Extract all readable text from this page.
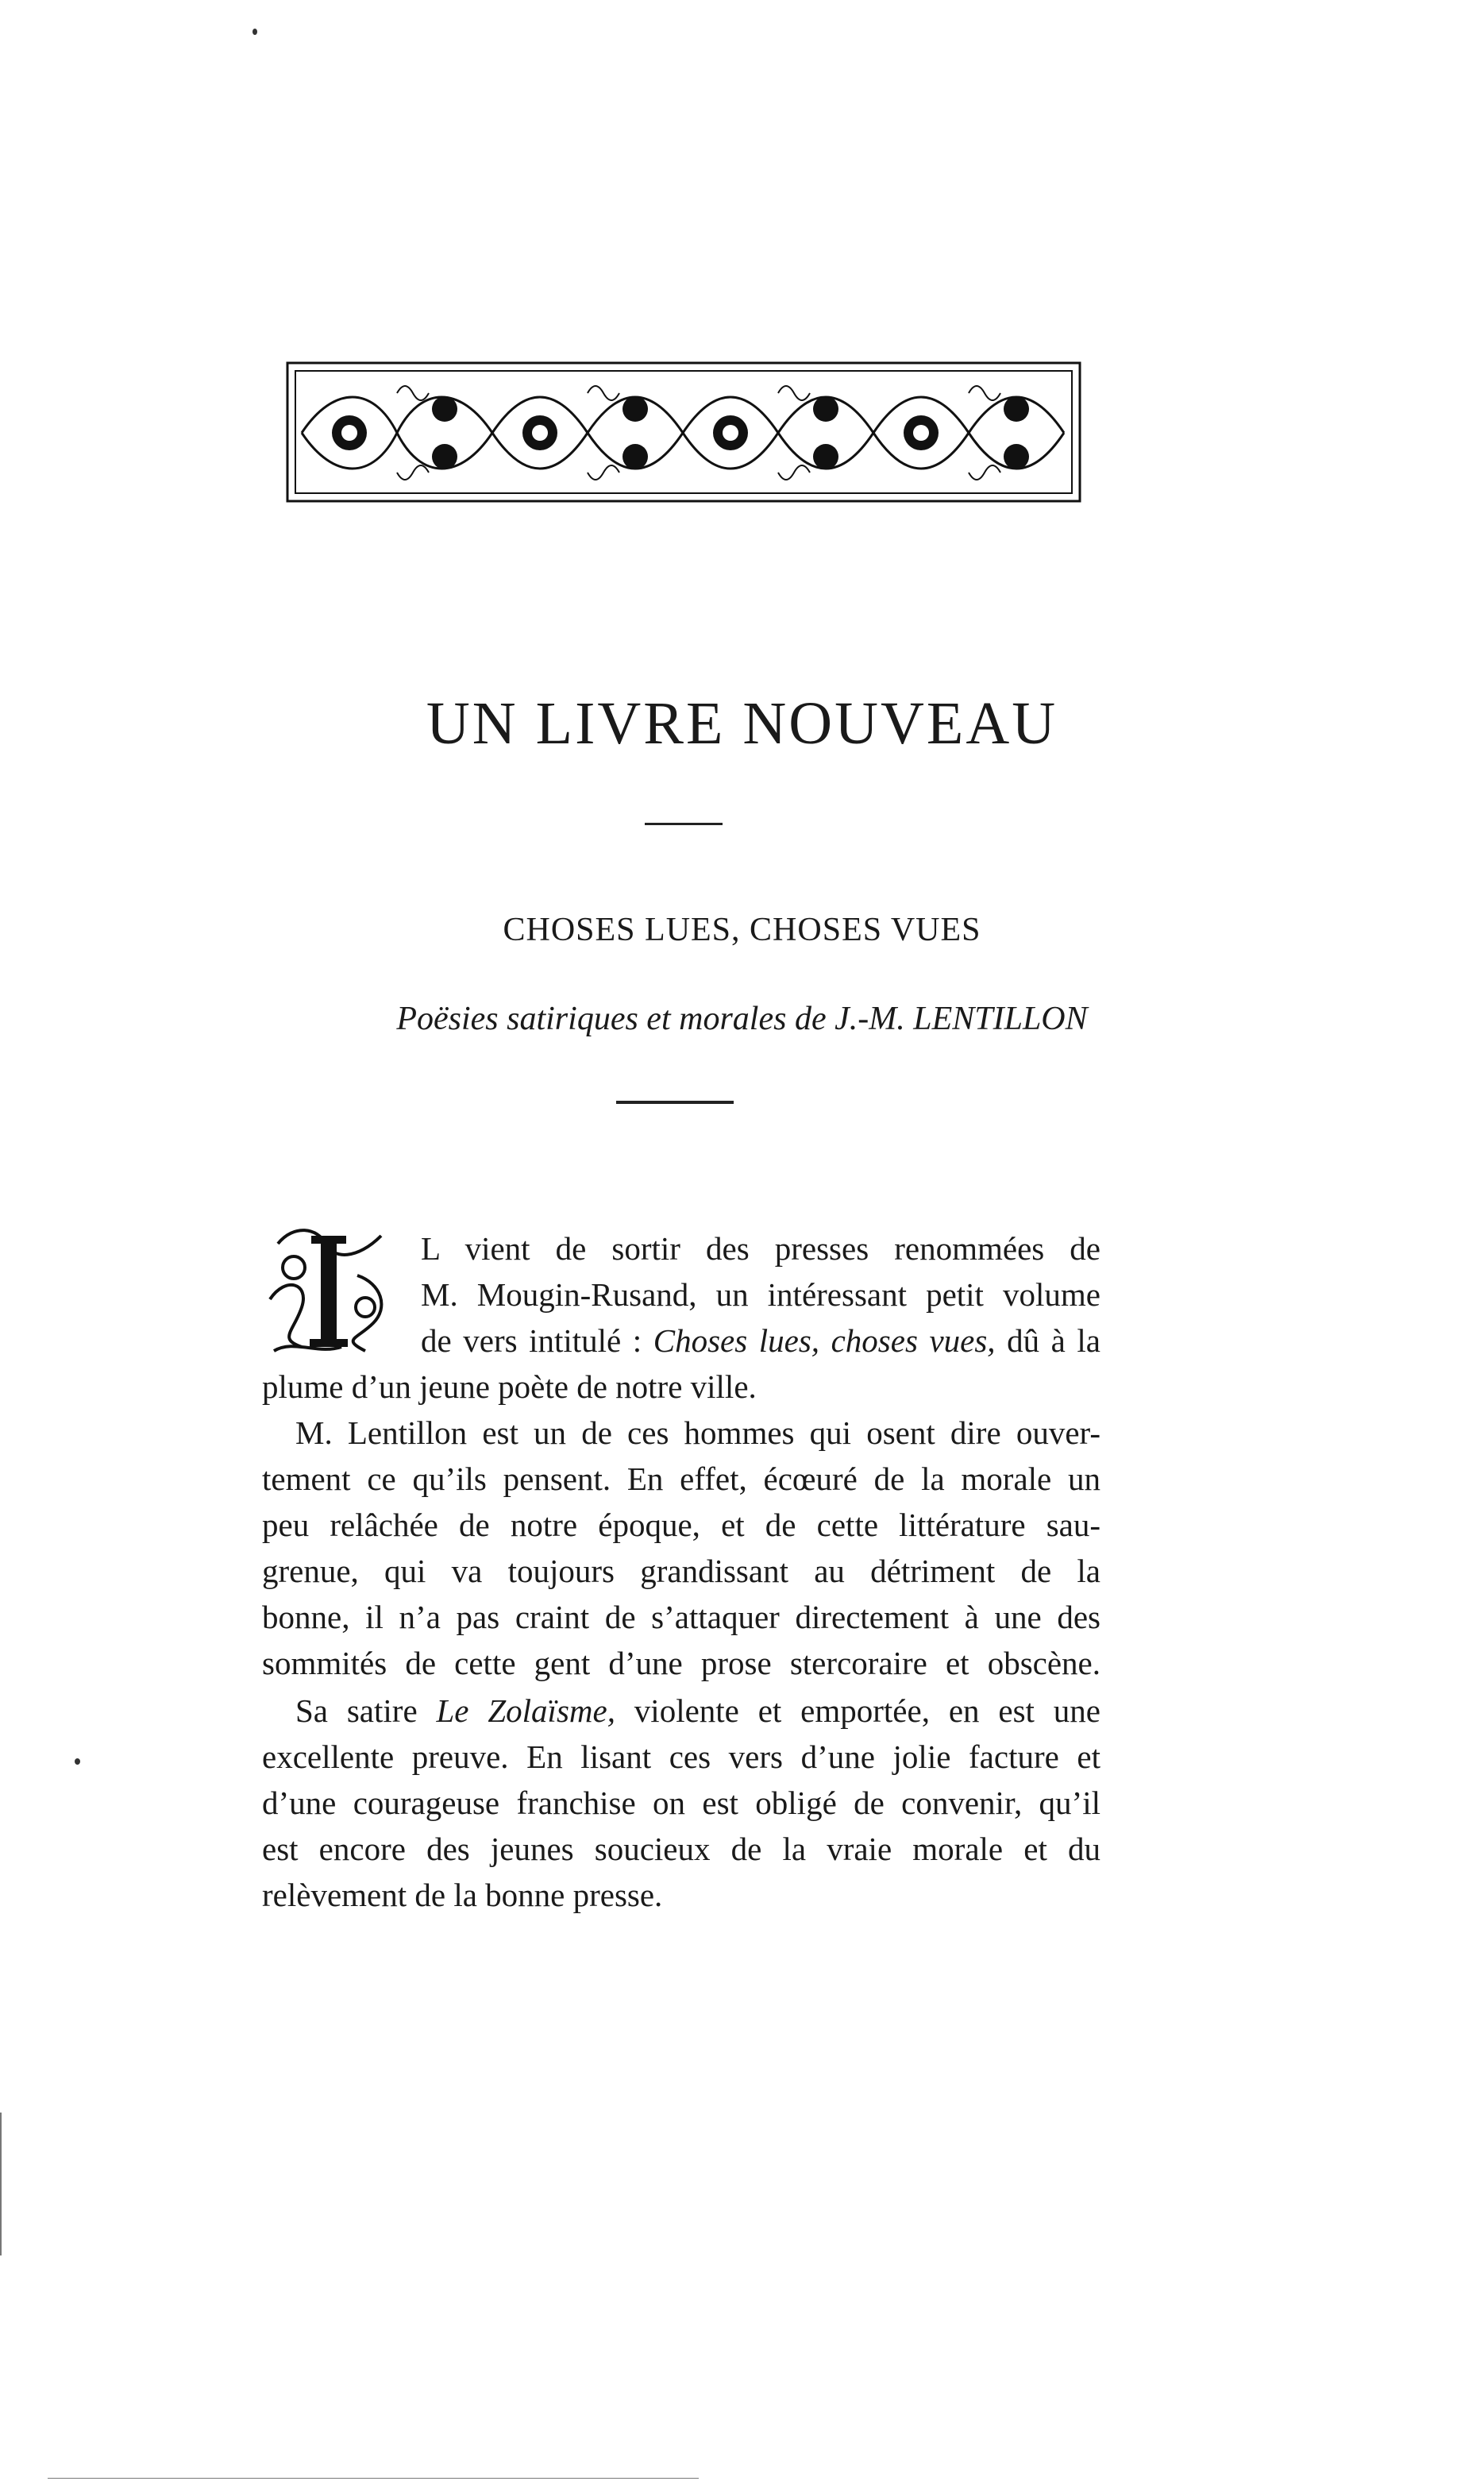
UN LIVRE NOUVEAU
CHOSES LUES, CHOSES VUES
Poësies satiriques et morales de J.-M. LENTILLON
I
L vient de sortir des presses renommées de
M. Mougin-Rusand, un intéressant petit volume
de vers intitulé : Choses lues, choses vues, dû à la
plume d’un jeune poète de notre ville.
M. Lentillon est un de ces hommes qui osent dire ouver-
tement ce qu’ils pensent. En effet, écœuré de la morale un
peu relâchée de notre époque, et de cette littérature sau-
grenue, qui va toujours grandissant au détriment de la
bonne, il n’a pas craint de s’attaquer directement à une des
sommités de cette gent d’une prose stercoraire et obscène.
Sa satire Le Zolaïsme, violente et emportée, en est une
excellente preuve. En lisant ces vers d’une jolie facture et
d’une courageuse franchise on est obligé de convenir, qu’il
est encore des jeunes soucieux de la vraie morale et du
relèvement de la bonne presse.
